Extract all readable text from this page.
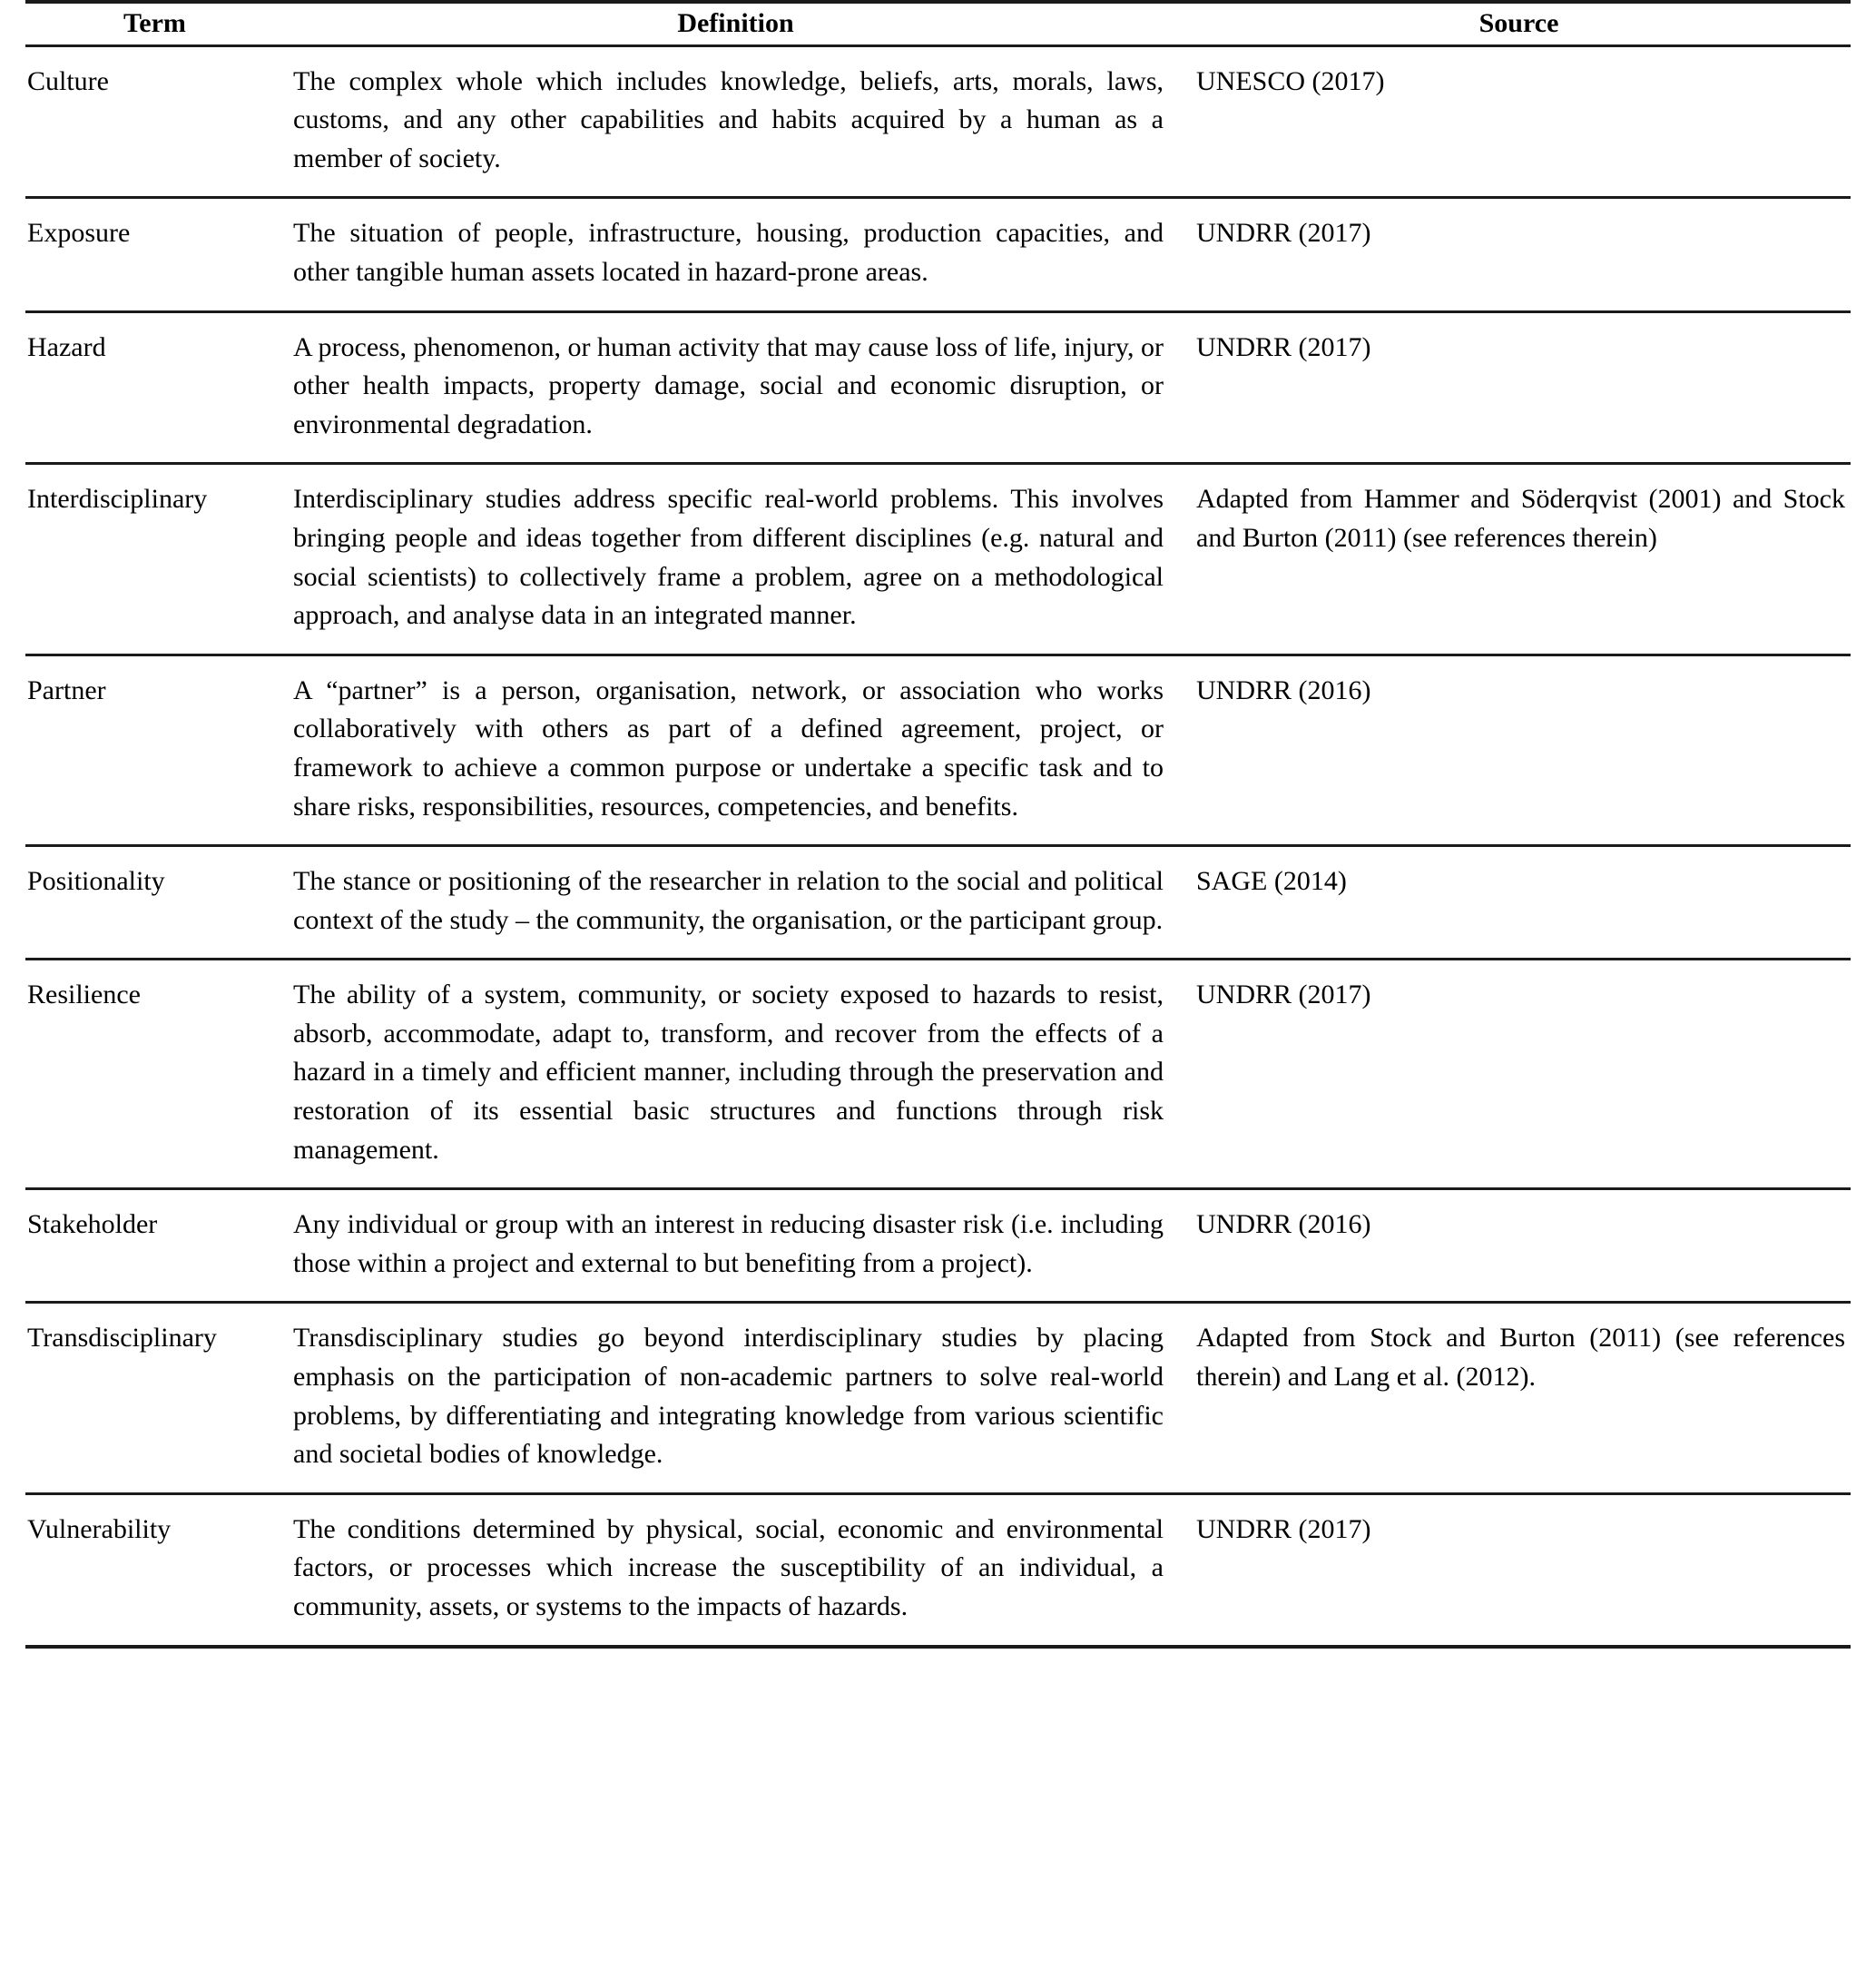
Term	Definition	Source

Culture	The complex whole which includes knowledge, beliefs, arts, morals, laws, customs, and any other capabilities and habits acquired by a human as a member of society.	UNESCO (2017)

Exposure	The situation of people, infrastructure, housing, production capacities, and other tangible human assets located in hazard-prone areas.	UNDRR (2017)

Hazard	A process, phenomenon, or human activity that may cause loss of life, injury, or other health impacts, property damage, social and economic disruption, or environmental degradation.	UNDRR (2017)

Interdisciplinary	Interdisciplinary studies address specific real-world problems. This involves bringing people and ideas together from different disciplines (e.g. natural and social scientists) to collectively frame a problem, agree on a methodological approach, and analyse data in an integrated manner.	Adapted from Hammer and Söderqvist (2001) and Stock and Burton (2011) (see references therein)

Partner	A “partner” is a person, organisation, network, or association who works collaboratively with others as part of a defined agreement, project, or framework to achieve a common purpose or undertake a specific task and to share risks, responsibilities, resources, competencies, and benefits.	UNDRR (2016)

Positionality	The stance or positioning of the researcher in relation to the social and political context of the study – the community, the organisation, or the participant group.	SAGE (2014)

Resilience	The ability of a system, community, or society exposed to hazards to resist, absorb, accommodate, adapt to, transform, and recover from the effects of a hazard in a timely and efficient manner, including through the preservation and restoration of its essential basic structures and functions through risk management.	UNDRR (2017)

Stakeholder	Any individual or group with an interest in reducing disaster risk (i.e. including those within a project and external to but benefiting from a project).	UNDRR (2016)

Transdisciplinary	Transdisciplinary studies go beyond interdisciplinary studies by placing emphasis on the participation of non-academic partners to solve real-world problems, by differentiating and integrating knowledge from various scientific and societal bodies of knowledge.	Adapted from Stock and Burton (2011) (see references therein) and Lang et al. (2012).

Vulnerability	The conditions determined by physical, social, economic and environmental factors, or processes which increase the susceptibility of an individual, a community, assets, or systems to the impacts of hazards.	UNDRR (2017)
